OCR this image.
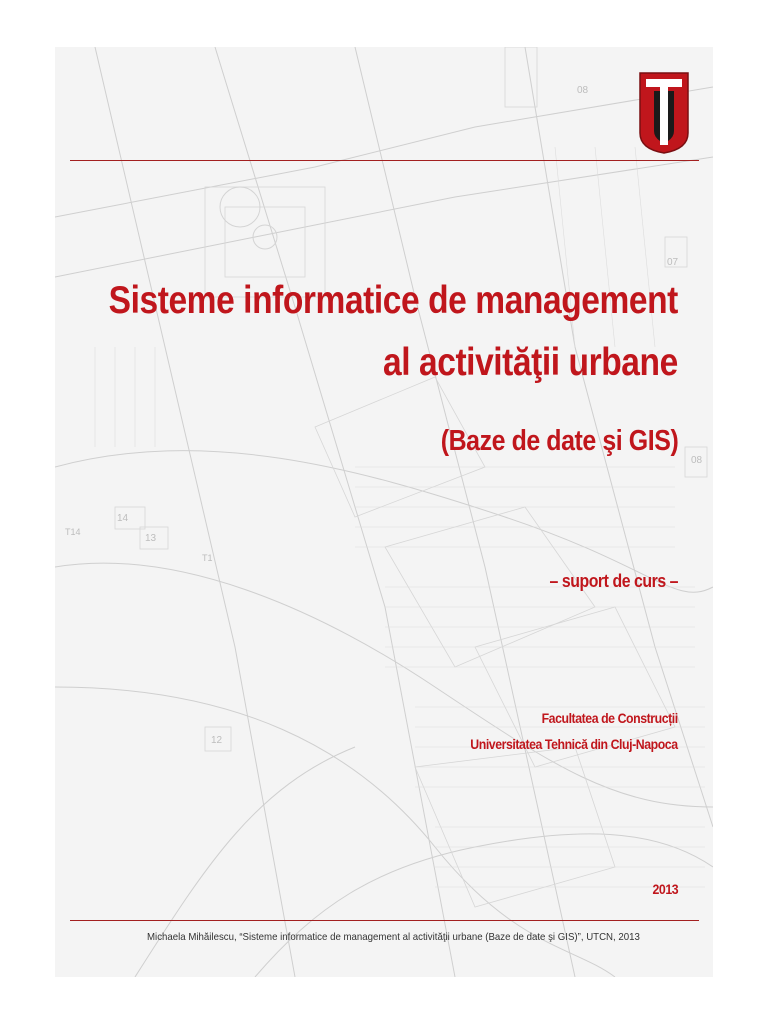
08
07
08
14
13
12
T14
T1
Sisteme informatice de management
al activităţii urbane
(Baze de date şi GIS)
– suport de curs –
Facultatea de Construcții
Universitatea Tehnică din Cluj-Napoca
2013
Michaela Mihăilescu, “Sisteme informatice de management al activităţii urbane (Baze de date şi GIS)”, UTCN, 2013
